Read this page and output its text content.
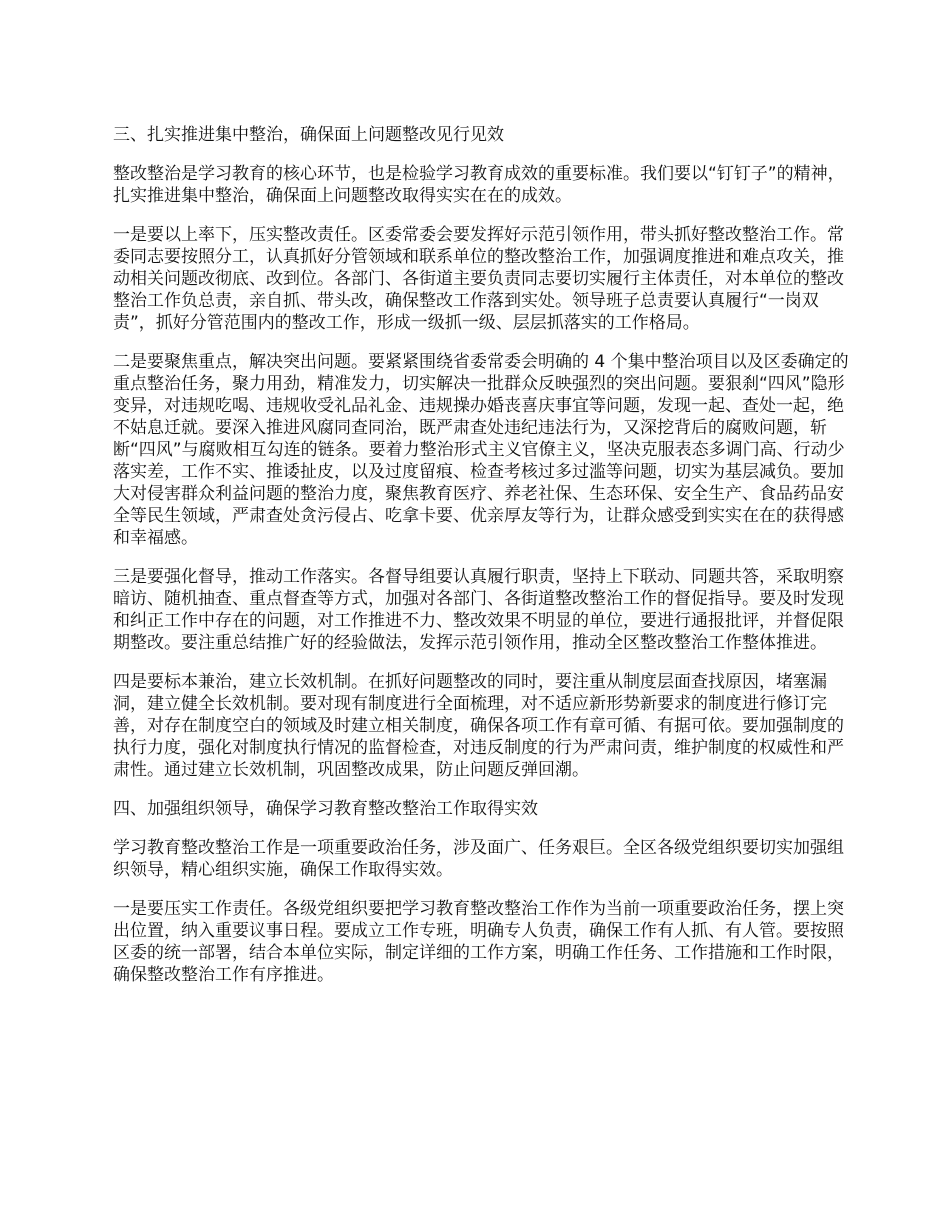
三、扎实推进集中整治，确保面上问题整改见行见效

整改整治是学习教育的核心环节，也是检验学习教育成效的重要标准。我们要以“钉钉子”的精神，扎实推进集中整治，确保面上问题整改取得实实在在的成效。

一是要以上率下，压实整改责任。区委常委会要发挥好示范引领作用，带头抓好整改整治工作。常委同志要按照分工，认真抓好分管领域和联系单位的整改整治工作，加强调度推进和难点攻关，推动相关问题改彻底、改到位。各部门、各街道主要负责同志要切实履行主体责任，对本单位的整改整治工作负总责，亲自抓、带头改，确保整改工作落到实处。领导班子总责要认真履行“一岗双责”，抓好分管范围内的整改工作，形成一级抓一级、层层抓落实的工作格局。

二是要聚焦重点，解决突出问题。要紧紧围绕省委常委会明确的 4 个集中整治项目以及区委确定的重点整治任务，聚力用劲，精准发力，切实解决一批群众反映强烈的突出问题。要狠刹“四风”隐形变异，对违规吃喝、违规收受礼品礼金、违规操办婚丧喜庆事宜等问题，发现一起、查处一起，绝不姑息迁就。要深入推进风腐同查同治，既严肃查处违纪违法行为，又深挖背后的腐败问题，斩断“四风”与腐败相互勾连的链条。要着力整治形式主义官僚主义，坚决克服表态多调门高、行动少落实差，工作不实、推诿扯皮，以及过度留痕、检查考核过多过滥等问题，切实为基层减负。要加大对侵害群众利益问题的整治力度，聚焦教育医疗、养老社保、生态环保、安全生产、食品药品安全等民生领域，严肃查处贪污侵占、吃拿卡要、优亲厚友等行为，让群众感受到实实在在的获得感和幸福感。

三是要强化督导，推动工作落实。各督导组要认真履行职责，坚持上下联动、同题共答，采取明察暗访、随机抽查、重点督查等方式，加强对各部门、各街道整改整治工作的督促指导。要及时发现和纠正工作中存在的问题，对工作推进不力、整改效果不明显的单位，要进行通报批评，并督促限期整改。要注重总结推广好的经验做法，发挥示范引领作用，推动全区整改整治工作整体推进。

四是要标本兼治，建立长效机制。在抓好问题整改的同时，要注重从制度层面查找原因，堵塞漏洞，建立健全长效机制。要对现有制度进行全面梳理，对不适应新形势新要求的制度进行修订完善，对存在制度空白的领域及时建立相关制度，确保各项工作有章可循、有据可依。要加强制度的执行力度，强化对制度执行情况的监督检查，对违反制度的行为严肃问责，维护制度的权威性和严肃性。通过建立长效机制，巩固整改成果，防止问题反弹回潮。

四、加强组织领导，确保学习教育整改整治工作取得实效

学习教育整改整治工作是一项重要政治任务，涉及面广、任务艰巨。全区各级党组织要切实加强组织领导，精心组织实施，确保工作取得实效。

一是要压实工作责任。各级党组织要把学习教育整改整治工作作为当前一项重要政治任务，摆上突出位置，纳入重要议事日程。要成立工作专班，明确专人负责，确保工作有人抓、有人管。要按照区委的统一部署，结合本单位实际，制定详细的工作方案，明确工作任务、工作措施和工作时限，确保整改整治工作有序推进。
